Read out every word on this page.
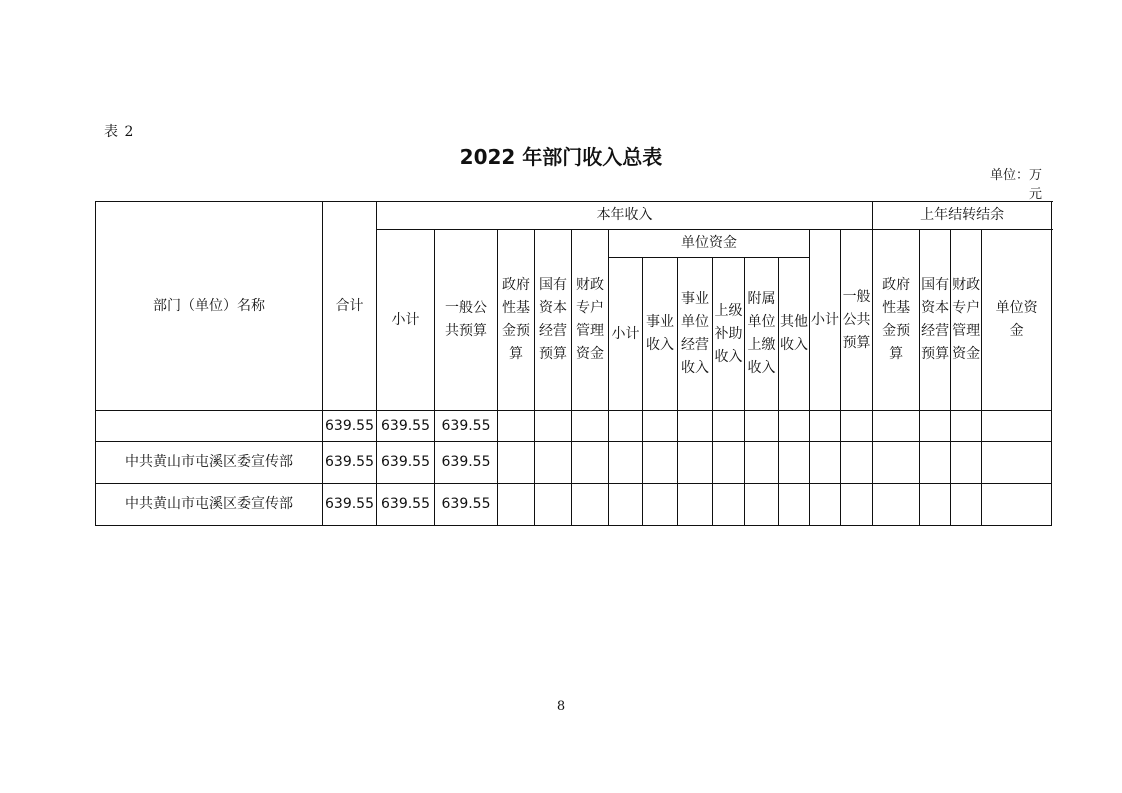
表 2
2022 年部门收入总表
单位：万
元
部门（单位）名称	合计	本年收入													上年结转结余			
		小计	一般公共预算	政府性基金预算	国有资本经营预算	财政专户管理资金	单位资金						小计	一般公共预算	政府性基金预算	国有资本经营预算	财政专户管理资金	单位资金
							小计	事业收入	事业单位经营收入	上级补助收入	附属单位上缴收入	其他收入						
	639.55	639.55	639.55															
中共黄山市屯溪区委宣传部	639.55	639.55	639.55															
中共黄山市屯溪区委宣传部	639.55	639.55	639.55															
8
